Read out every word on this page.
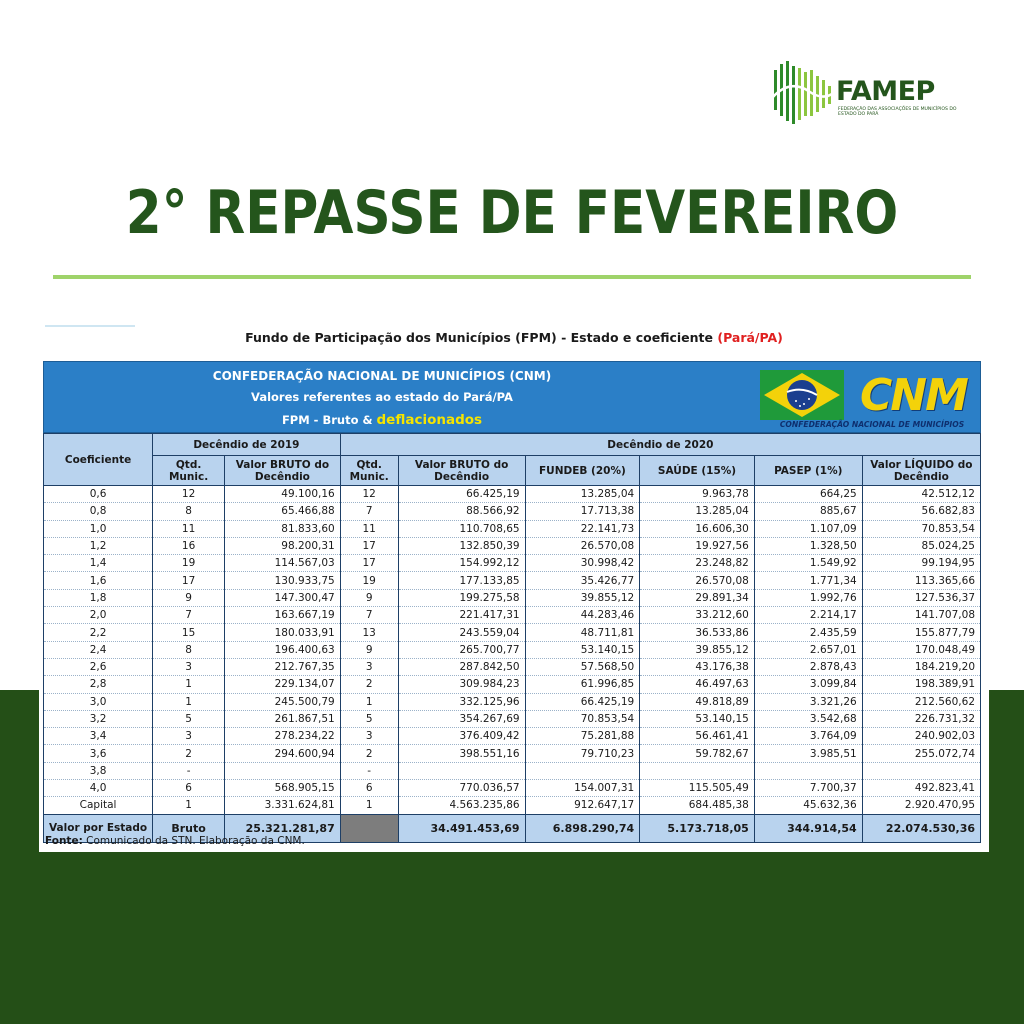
FAMEP
FEDERAÇÃO DAS ASSOCIAÇÕES DE MUNICÍPIOS DO ESTADO DO PARÁ
2° REPASSE DE FEVEREIRO
Fundo de Participação dos Municípios (FPM) - Estado e coeficiente (Pará/PA)
CONFEDERAÇÃO NACIONAL DE MUNICÍPIOS (CNM)
Valores referentes ao estado do Pará/PA
FPM - Bruto & deflacionados	CNM
CONFEDERAÇÃO NACIONAL DE MUNICÍPIOS
Coeficiente	Decêndio de 2019		Decêndio de 2020					
	Qtd. Munic.	Valor BRUTO do Decêndio	Qtd. Munic.	Valor BRUTO do Decêndio	FUNDEB (20%)	SAÚDE (15%)	PASEP (1%)	Valor LÍQUIDO do Decêndio
0,6	12	49.100,16	12	66.425,19	13.285,04	9.963,78	664,25	42.512,12
0,8	8	65.466,88	7	88.566,92	17.713,38	13.285,04	885,67	56.682,83
1,0	11	81.833,60	11	110.708,65	22.141,73	16.606,30	1.107,09	70.853,54
1,2	16	98.200,31	17	132.850,39	26.570,08	19.927,56	1.328,50	85.024,25
1,4	19	114.567,03	17	154.992,12	30.998,42	23.248,82	1.549,92	99.194,95
1,6	17	130.933,75	19	177.133,85	35.426,77	26.570,08	1.771,34	113.365,66
1,8	9	147.300,47	9	199.275,58	39.855,12	29.891,34	1.992,76	127.536,37
2,0	7	163.667,19	7	221.417,31	44.283,46	33.212,60	2.214,17	141.707,08
2,2	15	180.033,91	13	243.559,04	48.711,81	36.533,86	2.435,59	155.877,79
2,4	8	196.400,63	9	265.700,77	53.140,15	39.855,12	2.657,01	170.048,49
2,6	3	212.767,35	3	287.842,50	57.568,50	43.176,38	2.878,43	184.219,20
2,8	1	229.134,07	2	309.984,23	61.996,85	46.497,63	3.099,84	198.389,91
3,0	1	245.500,79	1	332.125,96	66.425,19	49.818,89	3.321,26	212.560,62
3,2	5	261.867,51	5	354.267,69	70.853,54	53.140,15	3.542,68	226.731,32
3,4	3	278.234,22	3	376.409,42	75.281,88	56.461,41	3.764,09	240.902,03
3,6	2	294.600,94	2	398.551,16	79.710,23	59.782,67	3.985,51	255.072,74
3,8	-		-					
4,0	6	568.905,15	6	770.036,57	154.007,31	115.505,49	7.700,37	492.823,41
Capital	1	3.331.624,81	1	4.563.235,86	912.647,17	684.485,38	45.632,36	2.920.470,95
Valor por Estado	Bruto	25.321.281,87		34.491.453,69	6.898.290,74	5.173.718,05	344.914,54	22.074.530,36
Fonte: Comunicado da STN. Elaboração da CNM.
